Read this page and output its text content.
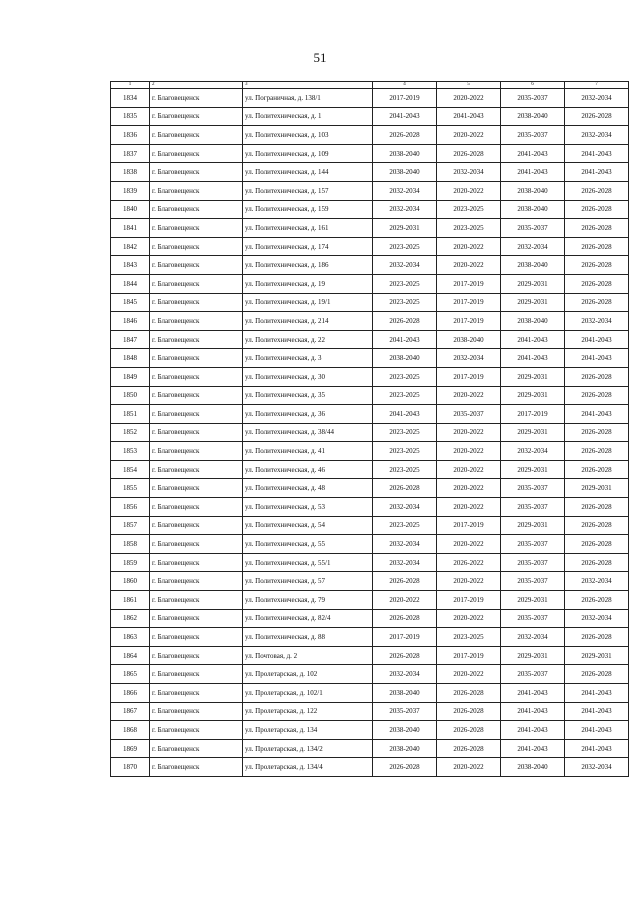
51
1	2	3	4	5	6	7
1834	г. Благовещенск	ул. Пограничная, д. 138/1	2017-2019	2020-2022	2035-2037	2032-2034
1835	г. Благовещенск	ул. Политехническая, д. 1	2041-2043	2041-2043	2038-2040	2026-2028
1836	г. Благовещенск	ул. Политехническая, д. 103	2026-2028	2020-2022	2035-2037	2032-2034
1837	г. Благовещенск	ул. Политехническая, д. 109	2038-2040	2026-2028	2041-2043	2041-2043
1838	г. Благовещенск	ул. Политехническая, д. 144	2038-2040	2032-2034	2041-2043	2041-2043
1839	г. Благовещенск	ул. Политехническая, д. 157	2032-2034	2020-2022	2038-2040	2026-2028
1840	г. Благовещенск	ул. Политехническая, д. 159	2032-2034	2023-2025	2038-2040	2026-2028
1841	г. Благовещенск	ул. Политехническая, д. 161	2029-2031	2023-2025	2035-2037	2026-2028
1842	г. Благовещенск	ул. Политехническая, д. 174	2023-2025	2020-2022	2032-2034	2026-2028
1843	г. Благовещенск	ул. Политехническая, д. 186	2032-2034	2020-2022	2038-2040	2026-2028
1844	г. Благовещенск	ул. Политехническая, д. 19	2023-2025	2017-2019	2029-2031	2026-2028
1845	г. Благовещенск	ул. Политехническая, д. 19/1	2023-2025	2017-2019	2029-2031	2026-2028
1846	г. Благовещенск	ул. Политехническая, д. 214	2026-2028	2017-2019	2038-2040	2032-2034
1847	г. Благовещенск	ул. Политехническая, д. 22	2041-2043	2038-2040	2041-2043	2041-2043
1848	г. Благовещенск	ул. Политехническая, д. 3	2038-2040	2032-2034	2041-2043	2041-2043
1849	г. Благовещенск	ул. Политехническая, д. 30	2023-2025	2017-2019	2029-2031	2026-2028
1850	г. Благовещенск	ул. Политехническая, д. 35	2023-2025	2020-2022	2029-2031	2026-2028
1851	г. Благовещенск	ул. Политехническая, д. 36	2041-2043	2035-2037	2017-2019	2041-2043
1852	г. Благовещенск	ул. Политехническая, д. 38/44	2023-2025	2020-2022	2029-2031	2026-2028
1853	г. Благовещенск	ул. Политехническая, д. 41	2023-2025	2020-2022	2032-2034	2026-2028
1854	г. Благовещенск	ул. Политехническая, д. 46	2023-2025	2020-2022	2029-2031	2026-2028
1855	г. Благовещенск	ул. Политехническая, д. 48	2026-2028	2020-2022	2035-2037	2029-2031
1856	г. Благовещенск	ул. Политехническая, д. 53	2032-2034	2020-2022	2035-2037	2026-2028
1857	г. Благовещенск	ул. Политехническая, д. 54	2023-2025	2017-2019	2029-2031	2026-2028
1858	г. Благовещенск	ул. Политехническая, д. 55	2032-2034	2020-2022	2035-2037	2026-2028
1859	г. Благовещенск	ул. Политехническая, д. 55/1	2032-2034	2026-2022	2035-2037	2026-2028
1860	г. Благовещенск	ул. Политехническая, д. 57	2026-2028	2020-2022	2035-2037	2032-2034
1861	г. Благовещенск	ул. Политехническая, д. 79	2020-2022	2017-2019	2029-2031	2026-2028
1862	г. Благовещенск	ул. Политехническая, д. 82/4	2026-2028	2020-2022	2035-2037	2032-2034
1863	г. Благовещенск	ул. Политехническая, д. 88	2017-2019	2023-2025	2032-2034	2026-2028
1864	г. Благовещенск	ул. Почтовая, д. 2	2026-2028	2017-2019	2029-2031	2029-2031
1865	г. Благовещенск	ул. Пролетарская, д. 102	2032-2034	2020-2022	2035-2037	2026-2028
1866	г. Благовещенск	ул. Пролетарская, д. 102/1	2038-2040	2026-2028	2041-2043	2041-2043
1867	г. Благовещенск	ул. Пролетарская, д. 122	2035-2037	2026-2028	2041-2043	2041-2043
1868	г. Благовещенск	ул. Пролетарская, д. 134	2038-2040	2026-2028	2041-2043	2041-2043
1869	г. Благовещенск	ул. Пролетарская, д. 134/2	2038-2040	2026-2028	2041-2043	2041-2043
1870	г. Благовещенск	ул. Пролетарская, д. 134/4	2026-2028	2020-2022	2038-2040	2032-2034
